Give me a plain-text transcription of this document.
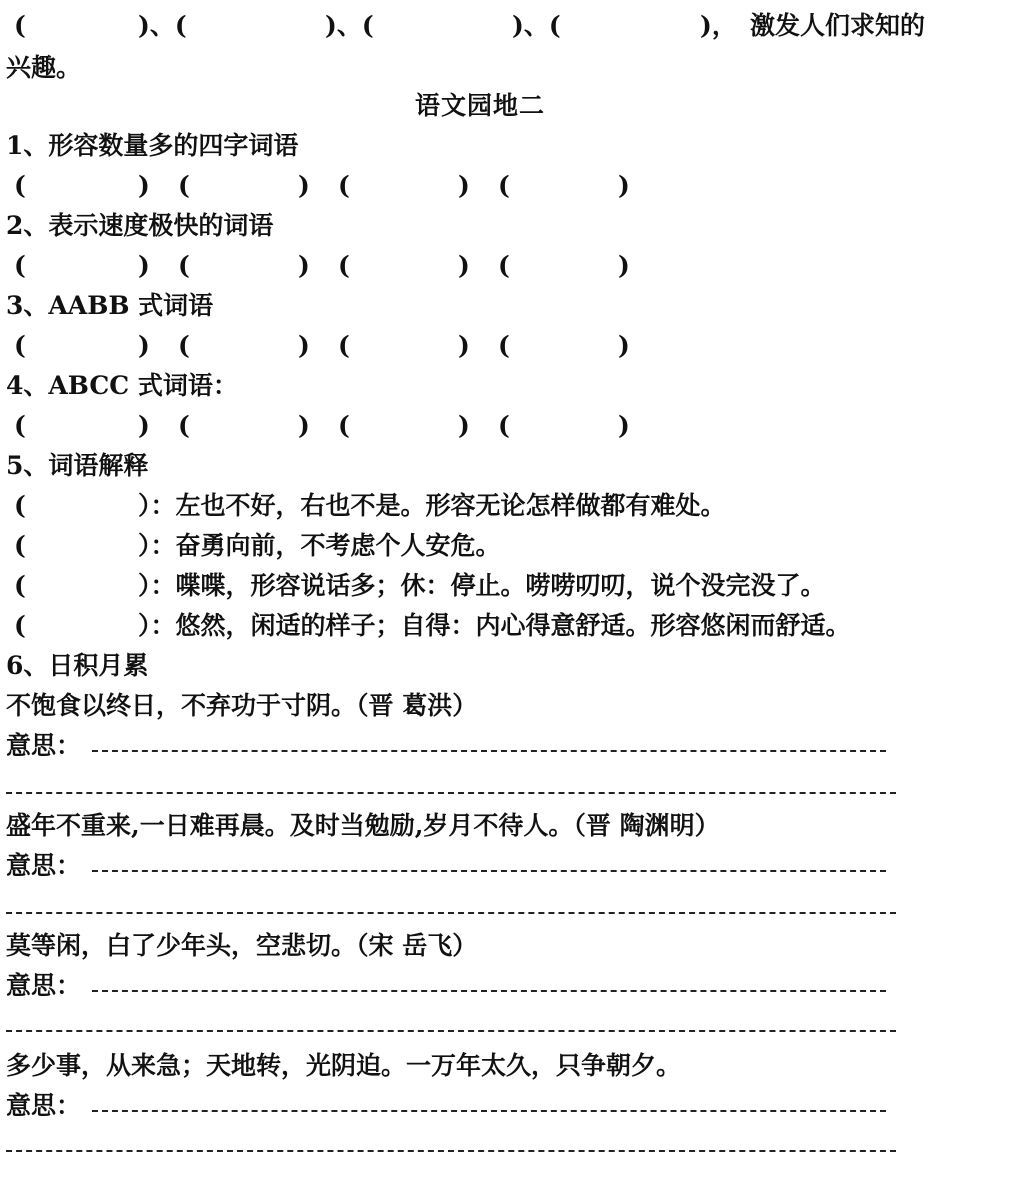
(	)、(	)、(	)、(	)， 激发人们求知的
兴趣。
语文园地二
1、形容数量多的四字词语
(	) (	) (	) (	)
2、表示速度极快的词语
(	) (	) (	) (	)
3、AABB 式词语
(	) (	) (	) (	)
4、ABCC 式词语：
(	) (	) (	) (	)
5、词语解释
(	）：左也不好，右也不是。形容无论怎样做都有难处。
(	）：奋勇向前，不考虑个人安危。
(	）：喋喋，形容说话多；休：停止。唠唠叨叨，说个没完没了。
(	）：悠然，闲适的样子；自得：内心得意舒适。形容悠闲而舒适。
6、日积月累
不饱食以终日，不弃功于寸阴。（晋 葛洪）
意思：
盛年不重来,一日难再晨。及时当勉励,岁月不待人。（晋 陶渊明）
意思：
莫等闲，白了少年头，空悲切。（宋 岳飞）
意思：
多少事，从来急；天地转，光阴迫。一万年太久，只争朝夕。
意思：
